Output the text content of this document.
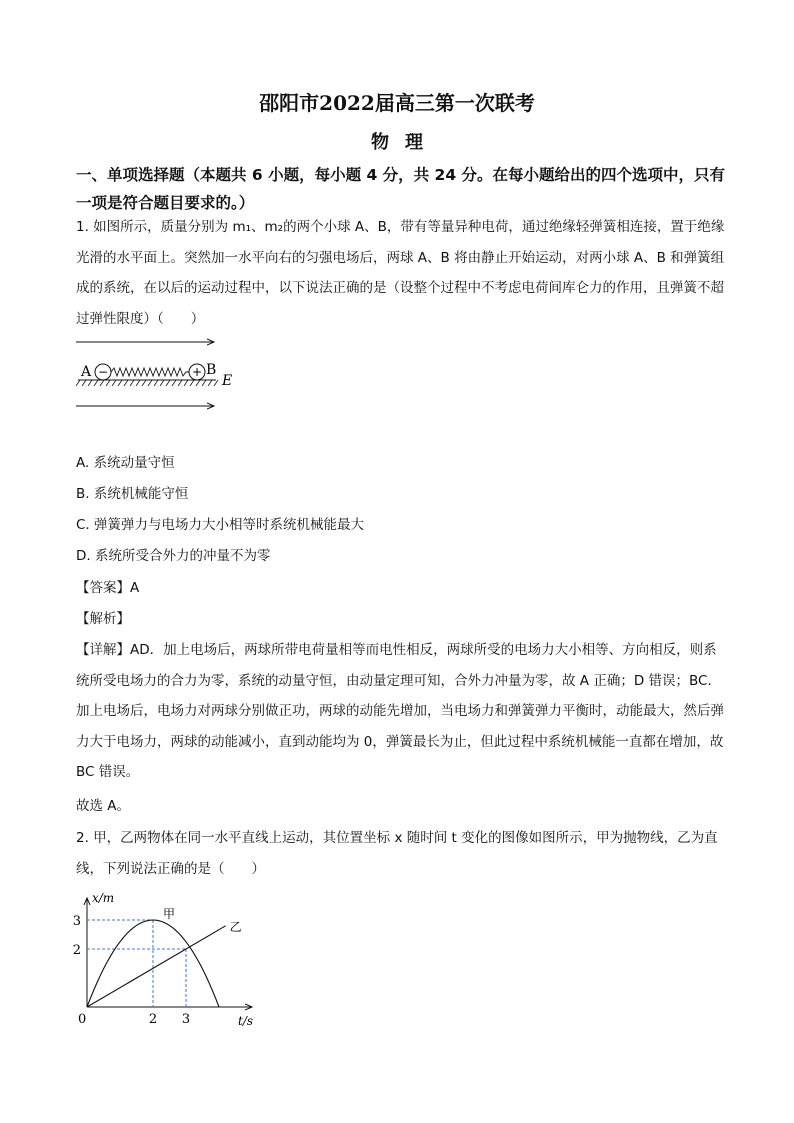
邵阳市2022届高三第一次联考
物理
一、单项选择题（本题共 6 小题，每小题 4 分，共 24 分。在每小题给出的四个选项中，只有一项是符合题目要求的。）
1. 如图所示，质量分别为 m₁、m₂的两个小球 A、B，带有等量异种电荷，通过绝缘轻弹簧相连接，置于绝缘光滑的水平面上。突然加一水平向右的匀强电场后，两球 A、B 将由静止开始运动，对两小球 A、B 和弹簧组成的系统，在以后的运动过程中，以下说法正确的是（设整个过程中不考虑电荷间库仑力的作用，且弹簧不超过弹性限度）（　　）
−	+
A	B
E
A. 系统动量守恒
B. 系统机械能守恒
C. 弹簧弹力与电场力大小相等时系统机械能最大
D. 系统所受合外力的冲量不为零
【答案】A
【解析】
【详解】AD．加上电场后，两球所带电荷量相等而电性相反，两球所受的电场力大小相等、方向相反，则系统所受电场力的合力为零，系统的动量守恒，由动量定理可知，合外力冲量为零，故 A 正确；D 错误；BC．加上电场后，电场力对两球分别做正功，两球的动能先增加，当电场力和弹簧弹力平衡时，动能最大，然后弹力大于电场力，两球的动能减小，直到动能均为 0，弹簧最长为止，但此过程中系统机械能一直都在增加，故 BC 错误。
故选 A。
2. 甲，乙两物体在同一水平直线上运动，其位置坐标 x 随时间 t 变化的图像如图所示，甲为抛物线，乙为直线，下列说法正确的是（　　）
甲
乙
2 3
2
3
x/m
t/s
0
